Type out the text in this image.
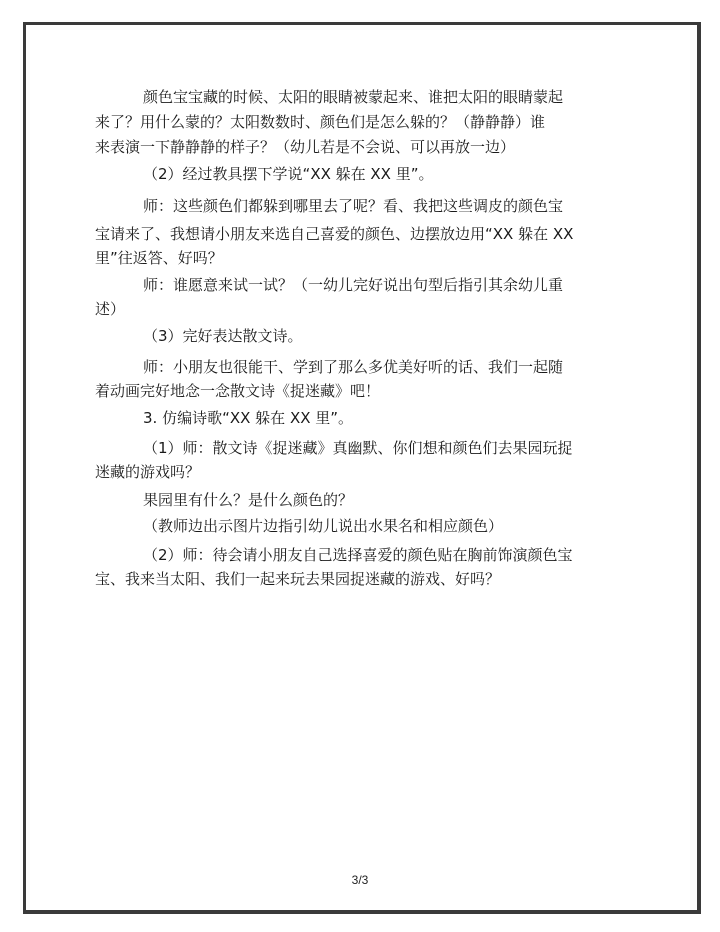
颜色宝宝藏的时候、太阳的眼睛被蒙起来、谁把太阳的眼睛蒙起
来了？用什么蒙的？太阳数数时、颜色们是怎么躲的？（静静静）谁
来表演一下静静静的样子？（幼儿若是不会说、可以再放一边）
（2）经过教具摆下学说“XX 躲在 XX 里”。
师：这些颜色们都躲到哪里去了呢？看、我把这些调皮的颜色宝
宝请来了、我想请小朋友来选自己喜爱的颜色、边摆放边用“XX 躲在 XX
里”往返答、好吗？
师：谁愿意来试一试？（一幼儿完好说出句型后指引其余幼儿重
述）
（3）完好表达散文诗。
师：小朋友也很能干、学到了那么多优美好听的话、我们一起随
着动画完好地念一念散文诗《捉迷藏》吧！
3. 仿编诗歌“XX 躲在 XX 里”。
（1）师：散文诗《捉迷藏》真幽默、你们想和颜色们去果园玩捉
迷藏的游戏吗？
果园里有什么？是什么颜色的？
（教师边出示图片边指引幼儿说出水果名和相应颜色）
（2）师：待会请小朋友自己选择喜爱的颜色贴在胸前饰演颜色宝
宝、我来当太阳、我们一起来玩去果园捉迷藏的游戏、好吗？
3/3
